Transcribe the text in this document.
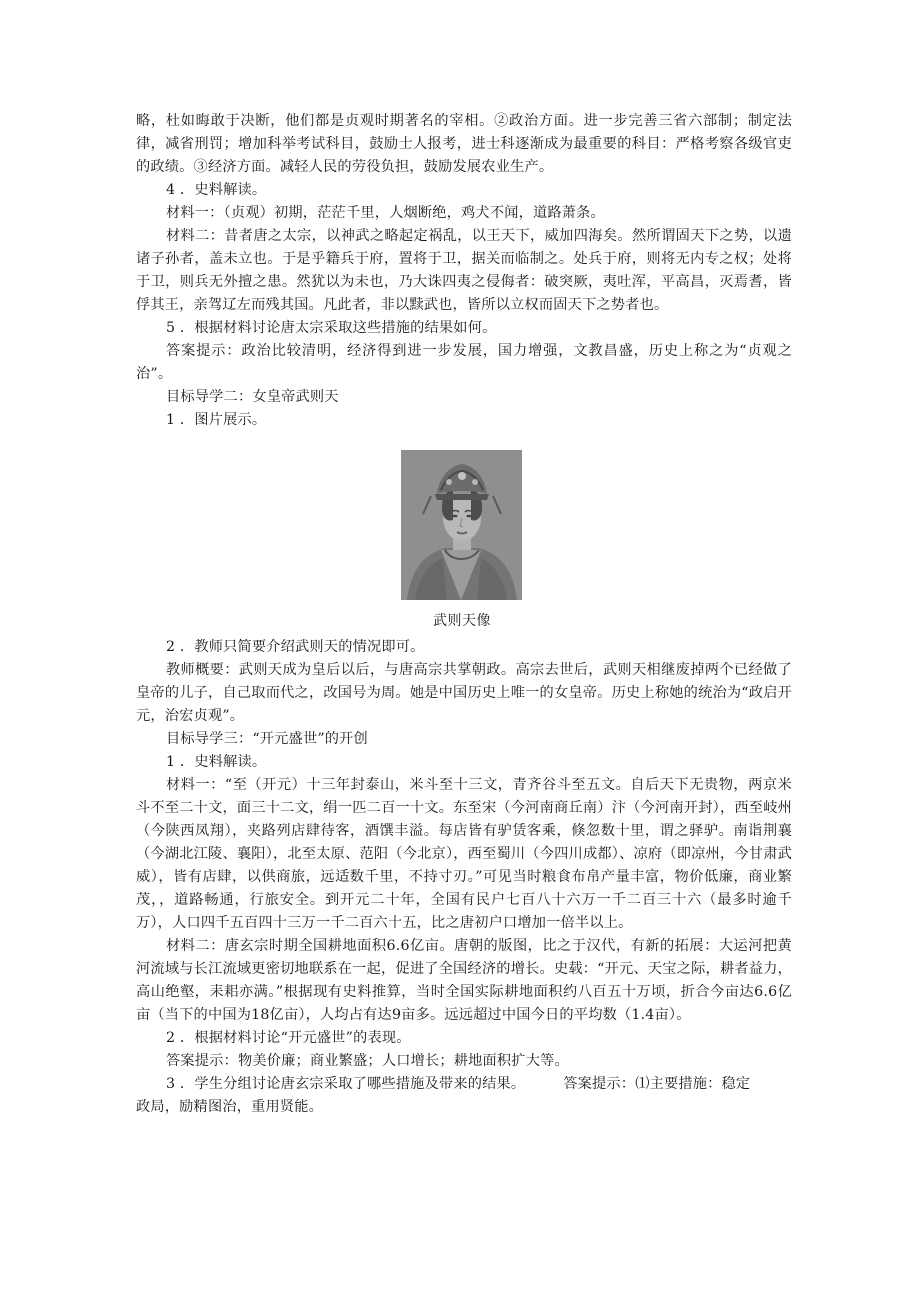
略，杜如晦敢于决断，他们都是贞观时期著名的宰相。②政治方面。进一步完善三省六部制；制定法律，减省刑罚；增加科举考试科目，鼓励士人报考，进士科逐渐成为最重要的科目：严格考察各级官吏的政绩。③经济方面。减轻人民的劳役负担，鼓励发展农业生产。

4 ．史料解读。

材料一：（贞观）初期，茫茫千里，人烟断绝，鸡犬不闻，道路萧条。

材料二：昔者唐之太宗，以神武之略起定祸乱，以王天下，威加四海矣。然所谓固天下之势，以遗诸子孙者，盖未立也。于是乎籍兵于府，置将于卫，据关而临制之。处兵于府，则将无内专之权；处将于卫，则兵无外擅之患。然犹以为未也，乃大诛四夷之侵侮者：破突厥，夷吐浑，平高昌，灭焉耆，皆俘其王，亲驾辽左而残其国。凡此者，非以黩武也，皆所以立权而固天下之势者也。

5 ．根据材料讨论唐太宗采取这些措施的结果如何。

答案提示：政治比较清明，经济得到进一步发展，国力增强，文教昌盛，历史上称之为“贞观之治”。

目标导学二：女皇帝武则天

1 ．图片展示。

武则天像

2 ．教师只简要介绍武则天的情况即可。

教师概要：武则天成为皇后以后，与唐高宗共掌朝政。高宗去世后，武则天相继废掉两个已经做了皇帝的儿子，自己取而代之，改国号为周。她是中国历史上唯一的女皇帝。历史上称她的统治为“政启开元，治宏贞观”。

目标导学三：“开元盛世”的开创

1 ．史料解读。

材料一：“至（开元）十三年封泰山，米斗至十三文，青齐谷斗至五文。自后天下无贵物，两京米斗不至二十文，面三十二文，绢一匹二百一十文。东至宋（今河南商丘南）汴（今河南开封），西至岐州（今陕西凤翔），夹路列店肆待客，酒馔丰溢。每店皆有驴赁客乘，倏忽数十里，谓之驿驴。南诣荆襄（今湖北江陵、襄阳），北至太原、范阳（今北京），西至蜀川（今四川成都）、凉府（即凉州，今甘肃武威），皆有店肆，以供商旅，远适数千里，不持寸刃。”可见当时粮食布帛产量丰富，物价低廉，商业繁茂，，道路畅通，行旅安全。到开元二十年，全国有民户七百八十六万一千二百三十六（最多时逾千万），人口四千五百四十三万一千二百六十五，比之唐初户口增加一倍半以上。

材料二：唐玄宗时期全国耕地面积6.6亿亩。唐朝的版图，比之于汉代，有新的拓展：大运河把黄河流域与长江流域更密切地联系在一起，促进了全国经济的增长。史载：“开元、天宝之际，耕者益力，高山绝壑，耒耜亦满。”根据现有史料推算，当时全国实际耕地面积约八百五十万顷，折合今亩达6.6亿亩（当下的中国为18亿亩），人均占有达9亩多。远远超过中国今日的平均数（1.4亩）。

2 ．根据材料讨论“开元盛世”的表现。

答案提示：物美价廉；商业繁盛；人口增长；耕地面积扩大等。

3 ．学生分组讨论唐玄宗采取了哪些措施及带来的结果。	答案提示：⑴主要措施：稳定

政局，励精图治，重用贤能。
